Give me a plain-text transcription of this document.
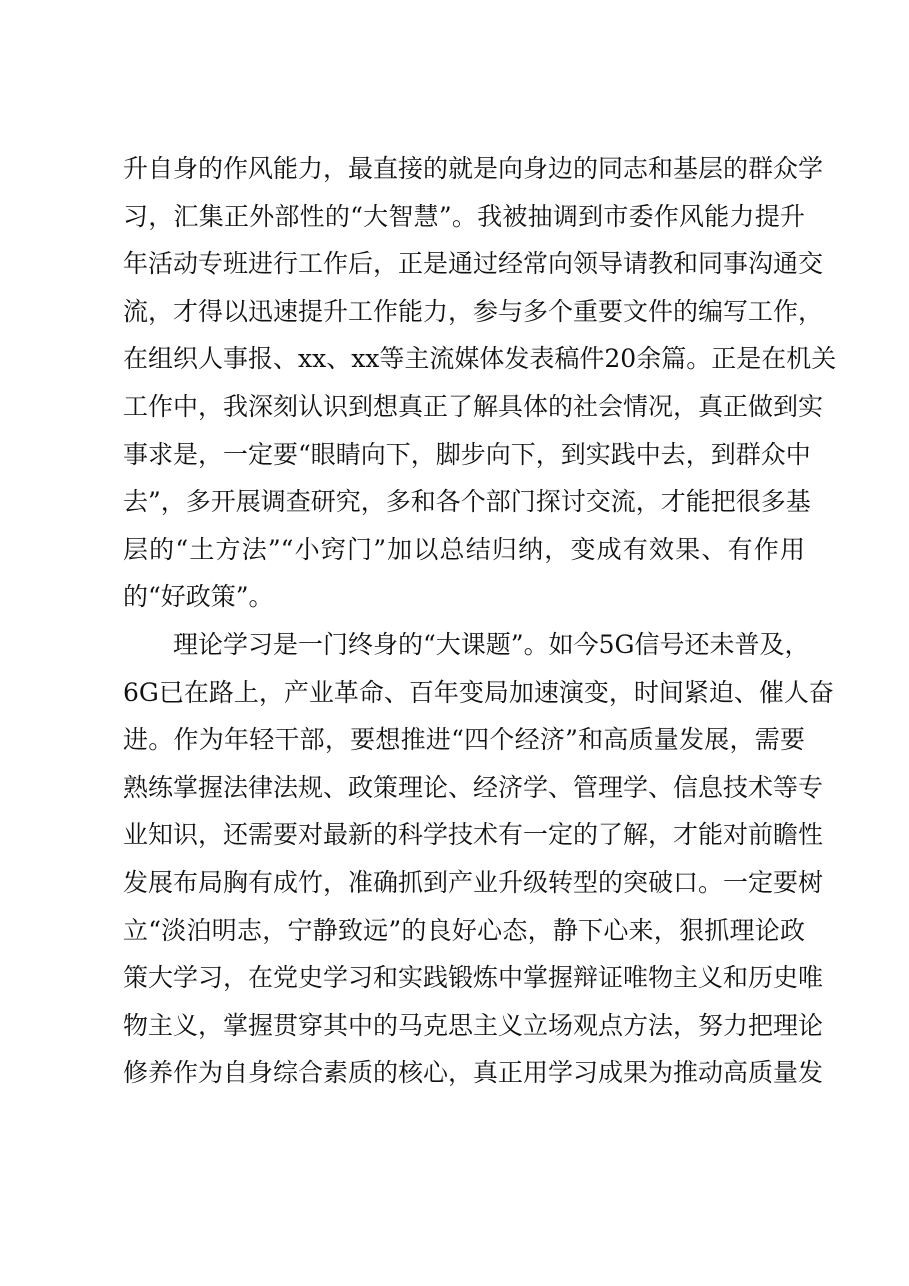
升自身的作风能力，最直接的就是向身边的同志和基层的群众学
习，汇集正外部性的“大智慧”。我被抽调到市委作风能力提升
年活动专班进行工作后，正是通过经常向领导请教和同事沟通交
流，才得以迅速提升工作能力，参与多个重要文件的编写工作，
在组织人事报、xx、xx等主流媒体发表稿件20余篇。正是在机关
工作中，我深刻认识到想真正了解具体的社会情况，真正做到实
事求是，一定要“眼睛向下，脚步向下，到实践中去，到群众中
去”，多开展调查研究，多和各个部门探讨交流，才能把很多基
层的“土方法”“小窍门”加以总结归纳，变成有效果、有作用
的“好政策”。
理论学习是一门终身的“大课题”。如今5G信号还未普及，
6G已在路上，产业革命、百年变局加速演变，时间紧迫、催人奋
进。作为年轻干部，要想推进“四个经济”和高质量发展，需要
熟练掌握法律法规、政策理论、经济学、管理学、信息技术等专
业知识，还需要对最新的科学技术有一定的了解，才能对前瞻性
发展布局胸有成竹，准确抓到产业升级转型的突破口。一定要树
立“淡泊明志，宁静致远”的良好心态，静下心来，狠抓理论政
策大学习，在党史学习和实践锻炼中掌握辩证唯物主义和历史唯
物主义，掌握贯穿其中的马克思主义立场观点方法，努力把理论
修养作为自身综合素质的核心，真正用学习成果为推动高质量发
